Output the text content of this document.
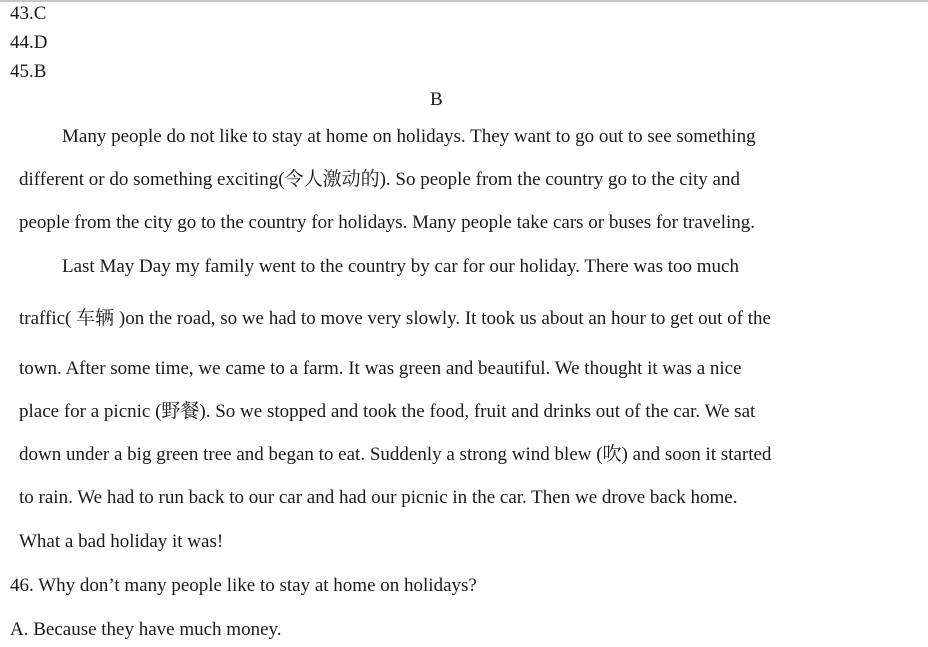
43.C
44.D
45.B
B
Many people do not like to stay at home on holidays. They want to go out to see something
different or do something exciting(令人激动的). So people from the country go to the city and
people from the city go to the country for holidays. Many people take cars or buses for traveling.
Last May Day my family went to the country by car for our holiday. There was too much
traffic( 车辆 )on the road, so we had to move very slowly. It took us about an hour to get out of the
town. After some time, we came to a farm. It was green and beautiful. We thought it was a nice
place for a picnic (野餐). So we stopped and took the food, fruit and drinks out of the car. We sat
down under a big green tree and began to eat. Suddenly a strong wind blew (吹) and soon it started
to rain. We had to run back to our car and had our picnic in the car. Then we drove back home.
What a bad holiday it was!
46. Why don’t many people like to stay at home on holidays?
A. Because they have much money.
